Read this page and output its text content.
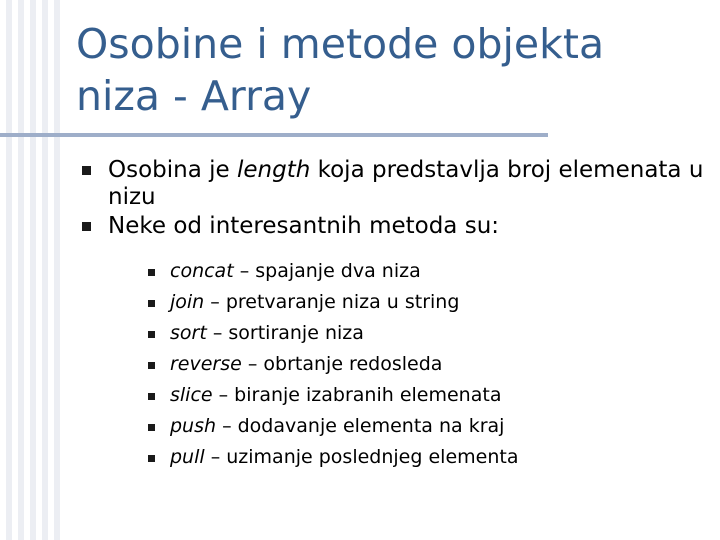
Osobine i metode objekta
niza - Array
Osobina je length koja predstavlja broj elemenata u nizu
Neke od interesantnih metoda su:
concat – spajanje dva niza
join – pretvaranje niza u string
sort – sortiranje niza
reverse – obrtanje redosleda
slice – biranje izabranih elemenata
push – dodavanje elementa na kraj
pull – uzimanje poslednjeg elementa
